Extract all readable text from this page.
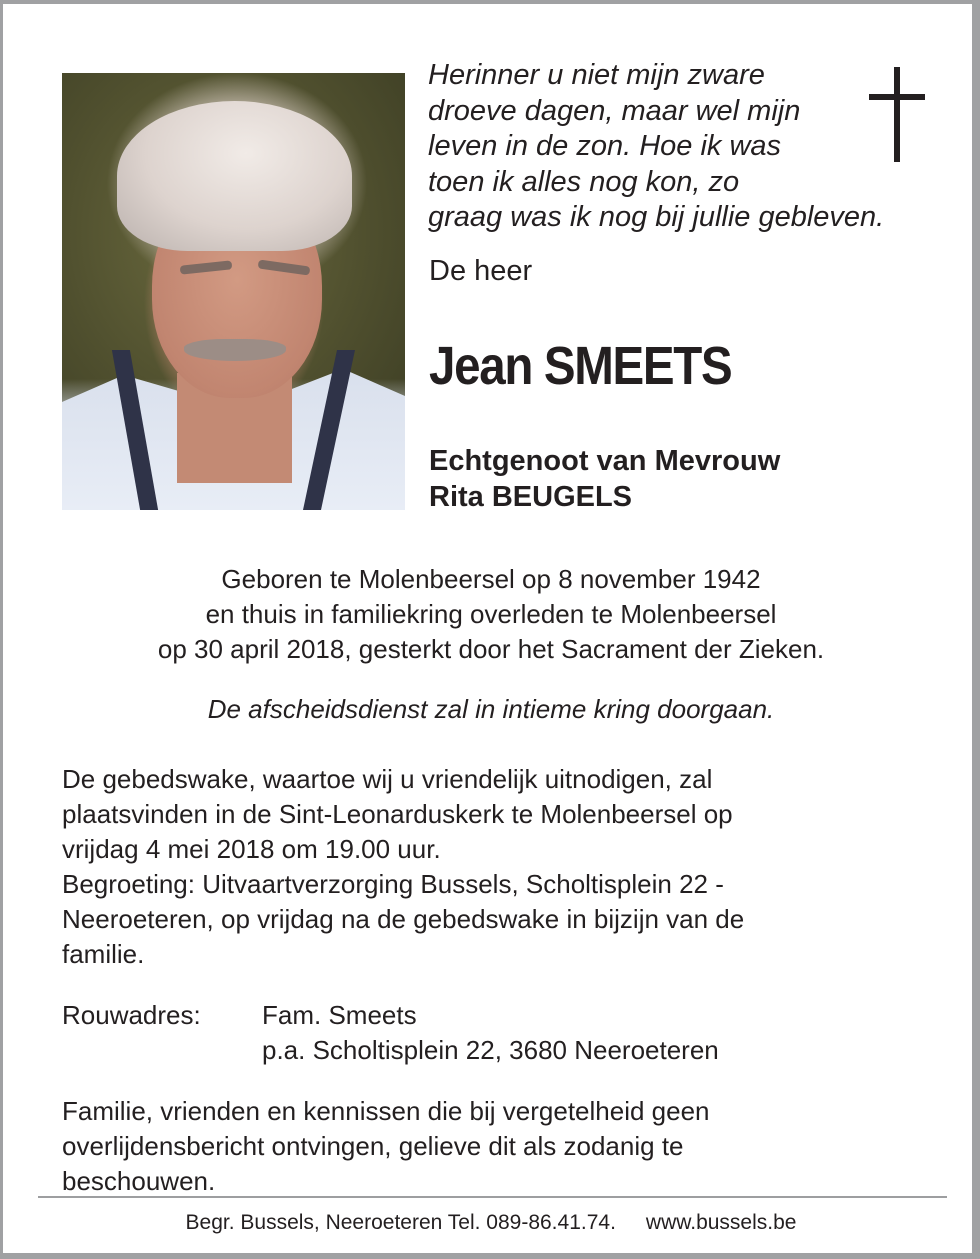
Herinner u niet mijn zware
droeve dagen, maar wel mijn
leven in de zon. Hoe ik was
toen ik alles nog kon, zo
graag was ik nog bij jullie gebleven.
De heer
Jean SMEETS
Echtgenoot van Mevrouw
Rita BEUGELS
Geboren te Molenbeersel op 8 november 1942
en thuis in familiekring overleden te Molenbeersel
op 30 april 2018, gesterkt door het Sacrament der Zieken.
De afscheidsdienst zal in intieme kring doorgaan.
De gebedswake, waartoe wij u vriendelijk uitnodigen, zal
plaatsvinden in de Sint-Leonarduskerk te Molenbeersel op
vrijdag 4 mei 2018 om 19.00 uur.
Begroeting: Uitvaartverzorging Bussels, Scholtisplein 22 -
Neeroeteren, op vrijdag na de gebedswake in bijzijn van de
familie.
Rouwadres: Fam. Smeets
p.a. Scholtisplein 22, 3680 Neeroeteren
Familie, vrienden en kennissen die bij vergetelheid geen
overlijdensbericht ontvingen, gelieve dit als zodanig te
beschouwen.
Begr. Bussels, Neeroeteren Tel. 089-86.41.74. www.bussels.be
